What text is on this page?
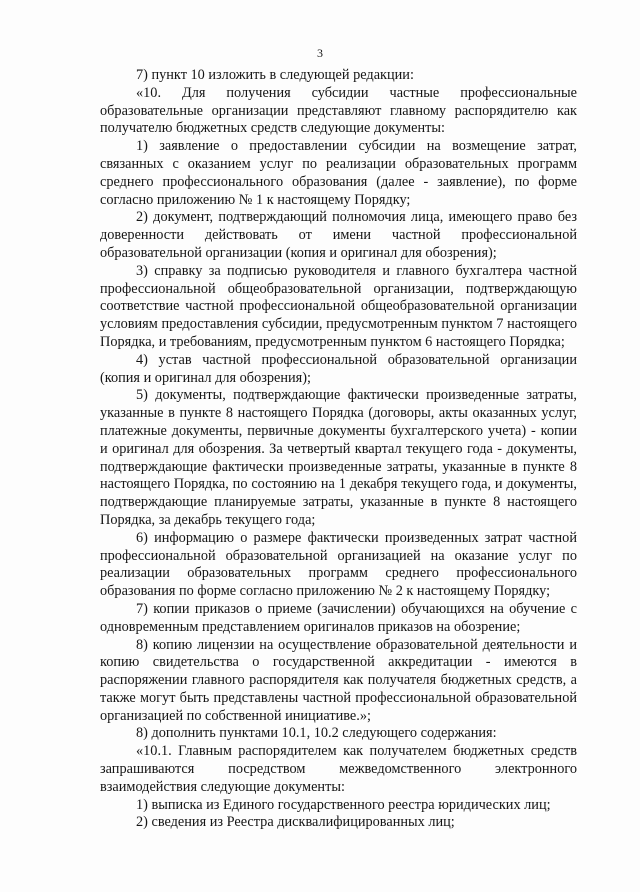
3

7) пункт 10 изложить в следующей редакции:

«10. Для получения субсидии частные профессиональные образовательные организации представляют главному распорядителю как получателю бюджетных средств следующие документы:

1) заявление о предоставлении субсидии на возмещение затрат, связанных с оказанием услуг по реализации образовательных программ среднего профессионального образования (далее - заявление), по форме согласно приложению № 1 к настоящему Порядку;

2) документ, подтверждающий полномочия лица, имеющего право без доверенности действовать от имени частной профессиональной образовательной организации (копия и оригинал для обозрения);

3) справку за подписью руководителя и главного бухгалтера частной профессиональной общеобразовательной организации, подтверждающую соответствие частной профессиональной общеобразовательной организации условиям предоставления субсидии, предусмотренным пунктом 7 настоящего Порядка, и требованиям, предусмотренным пунктом 6 настоящего Порядка;

4) устав частной профессиональной образовательной организации (копия и оригинал для обозрения);

5) документы, подтверждающие фактически произведенные затраты, указанные в пункте 8 настоящего Порядка (договоры, акты оказанных услуг, платежные документы, первичные документы бухгалтерского учета) - копии и оригинал для обозрения. За четвертый квартал текущего года - документы, подтверждающие фактически произведенные затраты, указанные в пункте 8 настоящего Порядка, по состоянию на 1 декабря текущего года, и документы, подтверждающие планируемые затраты, указанные в пункте 8 настоящего Порядка, за декабрь текущего года;

6) информацию о размере фактически произведенных затрат частной профессиональной образовательной организацией на оказание услуг по реализации образовательных программ среднего профессионального образования по форме согласно приложению № 2 к настоящему Порядку;

7) копии приказов о приеме (зачислении) обучающихся на обучение с одновременным представлением оригиналов приказов на обозрение;

8) копию лицензии на осуществление образовательной деятельности и копию свидетельства о государственной аккредитации - имеются в распоряжении главного распорядителя как получателя бюджетных средств, а также могут быть представлены частной профессиональной образовательной организацией по собственной инициативе.»;

8) дополнить пунктами 10.1, 10.2 следующего содержания:

«10.1. Главным распорядителем как получателем бюджетных средств запрашиваются посредством межведомственного электронного взаимодействия следующие документы:

1) выписка из Единого государственного реестра юридических лиц;

2) сведения из Реестра дисквалифицированных лиц;
